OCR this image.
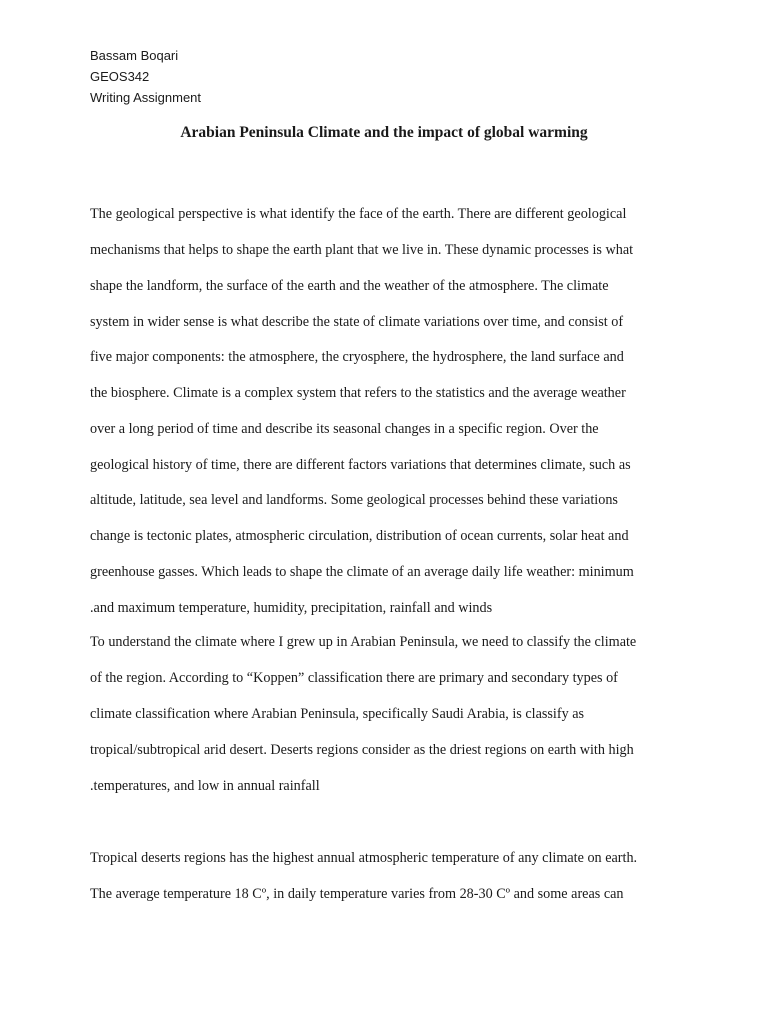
Bassam Boqari
GEOS342
Writing Assignment
Arabian Peninsula Climate and the impact of global warming
The geological perspective is what identify the face of the earth. There are different geological
mechanisms that helps to shape the earth plant that we live in. These dynamic processes is what
shape the landform, the surface of the earth and the weather of the atmosphere. The climate
system in wider sense is what describe the state of climate variations over time, and consist of
five major components: the atmosphere, the cryosphere, the hydrosphere, the land surface and
the biosphere. Climate is a complex system that refers to the statistics and the average weather
over a long period of time and describe its seasonal changes in a specific region. Over the
geological history of time, there are different factors variations that determines climate, such as
altitude, latitude, sea level and landforms. Some geological processes behind these variations
change is tectonic plates, atmospheric circulation, distribution of ocean currents, solar heat and
greenhouse gasses. Which leads to shape the climate of an average daily life weather: minimum
.and maximum temperature, humidity, precipitation, rainfall and winds
To understand the climate where I grew up in Arabian Peninsula, we need to classify the climate
of the region. According to “Koppen” classification there are primary and secondary types of
climate classification where Arabian Peninsula, specifically Saudi Arabia, is classify as
tropical/subtropical arid desert. Deserts regions consider as the driest regions on earth with high
.temperatures, and low in annual rainfall
Tropical deserts regions has the highest annual atmospheric temperature of any climate on earth.
The average temperature 18 Cº, in daily temperature varies from 28-30 Cº and some areas can
